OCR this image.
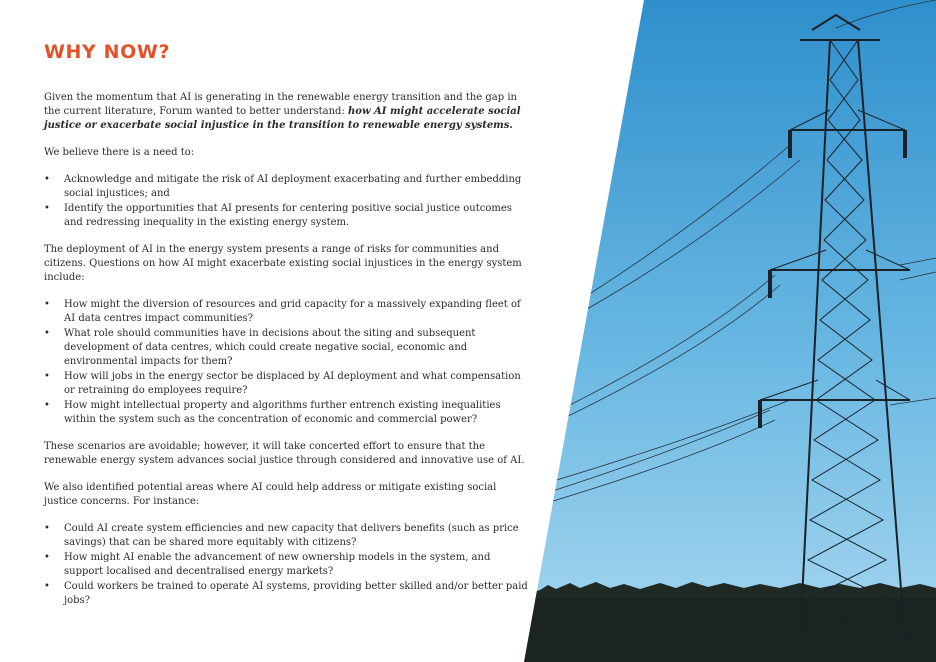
WHY NOW?

Given the momentum that AI is generating in the renewable energy transition and the gap in the current literature, Forum wanted to better understand: how AI might accelerate social justice or exacerbate social injustice in the transition to renewable energy systems.

We believe there is a need to:

• Acknowledge and mitigate the risk of AI deployment exacerbating and further embedding social injustices; and
• Identify the opportunities that AI presents for centering positive social justice outcomes and redressing inequality in the existing energy system.

The deployment of AI in the energy system presents a range of risks for communities and citizens. Questions on how AI might exacerbate existing social injustices in the energy system include:

• How might the diversion of resources and grid capacity for a massively expanding fleet of AI data centres impact communities?
• What role should communities have in decisions about the siting and subsequent development of data centres, which could create negative social, economic and environmental impacts for them?
• How will jobs in the energy sector be displaced by AI deployment and what compensation or retraining do employees require?
• How might intellectual property and algorithms further entrench existing inequalities within the system such as the concentration of economic and commercial power?

These scenarios are avoidable; however, it will take concerted effort to ensure that the renewable energy system advances social justice through considered and innovative use of AI.

We also identified potential areas where AI could help address or mitigate existing social justice concerns. For instance:

• Could AI create system efficiencies and new capacity that delivers benefits (such as price savings) that can be shared more equitably with citizens?
• How might AI enable the advancement of new ownership models in the system, and support localised and decentralised energy markets?
• Could workers be trained to operate AI systems, providing better skilled and/or better paid jobs?
